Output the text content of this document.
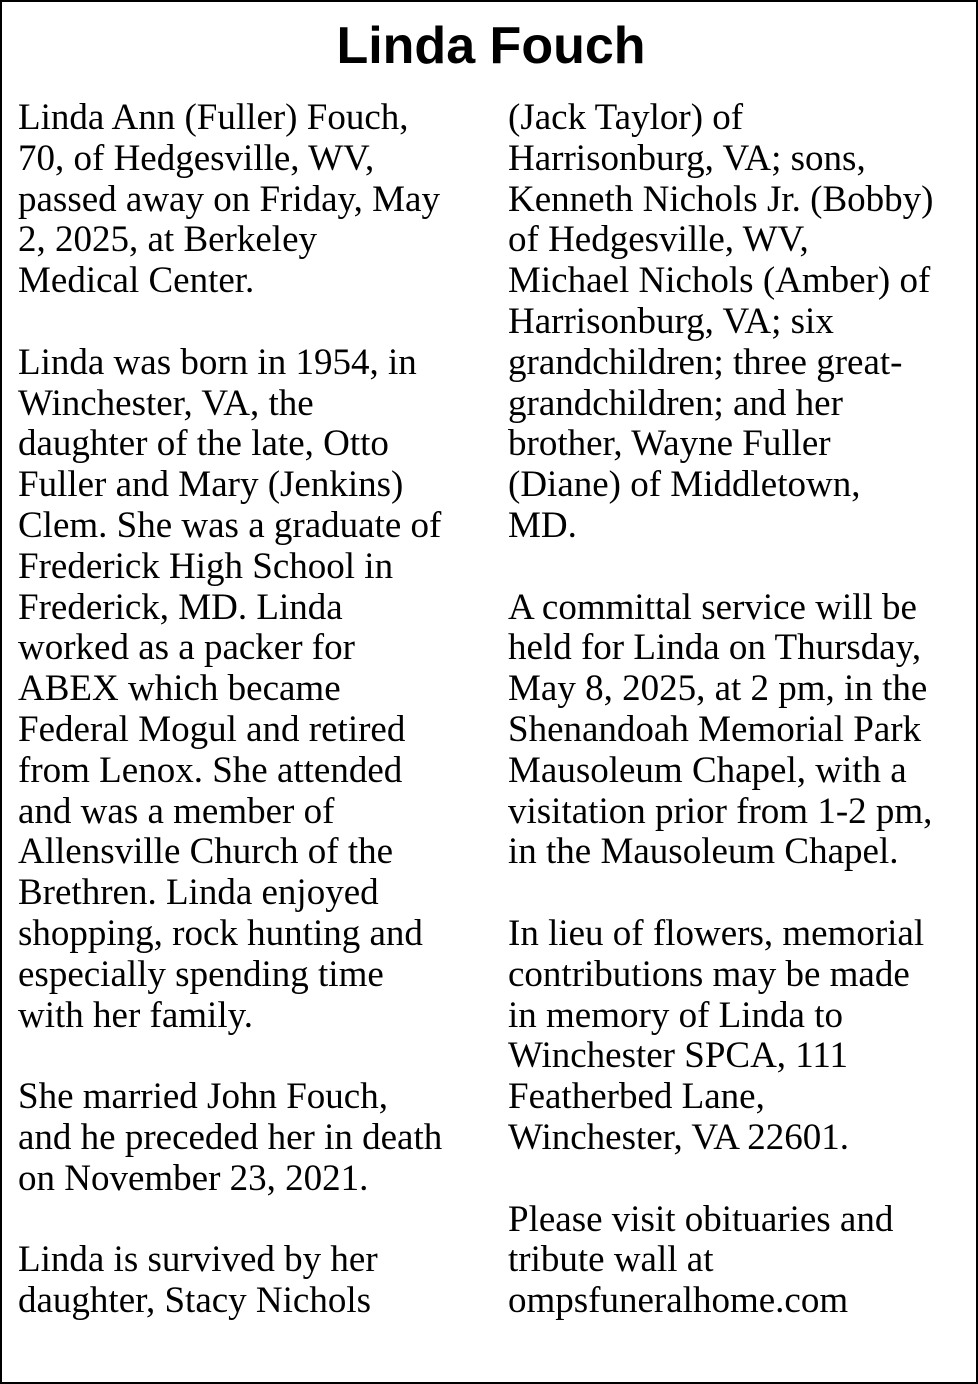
Linda Fouch
Linda Ann (Fuller) Fouch,
70, of Hedgesville, WV,
passed away on Friday, May
2, 2025, at Berkeley
Medical Center.
Linda was born in 1954, in
Winchester, VA, the
daughter of the late, Otto
Fuller and Mary (Jenkins)
Clem. She was a graduate of
Frederick High School in
Frederick, MD. Linda
worked as a packer for
ABEX which became
Federal Mogul and retired
from Lenox. She attended
and was a member of
Allensville Church of the
Brethren. Linda enjoyed
shopping, rock hunting and
especially spending time
with her family.
She married John Fouch,
and he preceded her in death
on November 23, 2021.
Linda is survived by her
daughter, Stacy Nichols
(Jack Taylor) of
Harrisonburg, VA; sons,
Kenneth Nichols Jr. (Bobby)
of Hedgesville, WV,
Michael Nichols (Amber) of
Harrisonburg, VA; six
grandchildren; three great-
grandchildren; and her
brother, Wayne Fuller
(Diane) of Middletown,
MD.
A committal service will be
held for Linda on Thursday,
May 8, 2025, at 2 pm, in the
Shenandoah Memorial Park
Mausoleum Chapel, with a
visitation prior from 1-2 pm,
in the Mausoleum Chapel.
In lieu of flowers, memorial
contributions may be made
in memory of Linda to
Winchester SPCA, 111
Featherbed Lane,
Winchester, VA 22601.
Please visit obituaries and
tribute wall at
ompsfuneralhome.com
